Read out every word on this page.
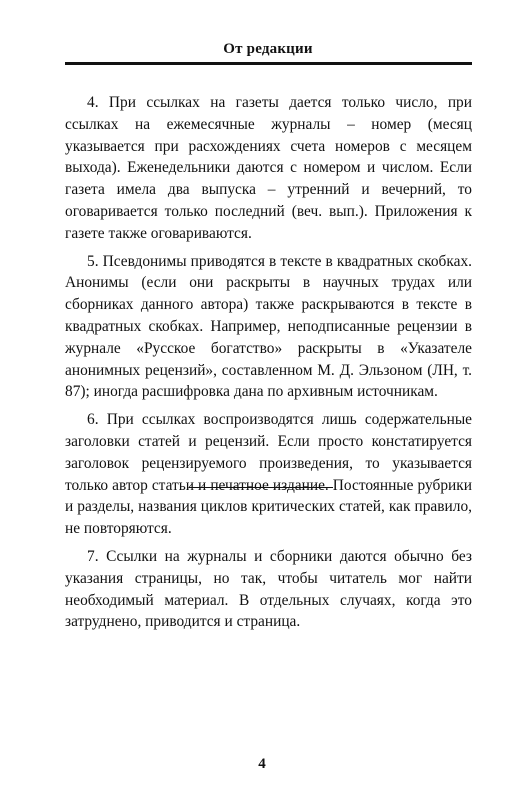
От редакции

4. При ссылках на газеты дается только число, при ссылках на ежемесячные журналы – номер (месяц указывается при расхождениях счета номеров с месяцем выхода). Еженедельники даются с номером и числом. Если газета имела два выпуска – утренний и вечерний, то оговаривается только последний (веч. вып.). Приложения к газете также оговариваются.

5. Псевдонимы приводятся в тексте в квадратных скобках. Анонимы (если они раскрыты в научных трудах или сборниках данного автора) также раскрываются в тексте в квадратных скобках. Например, неподписанные рецензии в журнале «Русское богатство» раскрыты в «Указателе анонимных рецензий», составленном М. Д. Эльзоном (ЛН, т. 87); иногда расшифровка дана по архивным источникам.

6. При ссылках воспроизводятся лишь содержательные заголовки статей и рецензий. Если просто констатируется заголовок рецензируемого произведения, то указывается только автор статьи и печатное издание. Постоянные рубрики и разделы, названия циклов критических статей, как правило, не повторяются.

7. Ссылки на журналы и сборники даются обычно без указания страницы, но так, чтобы читатель мог найти необходимый материал. В отдельных случаях, когда это затруднено, приводится и страница.

4
